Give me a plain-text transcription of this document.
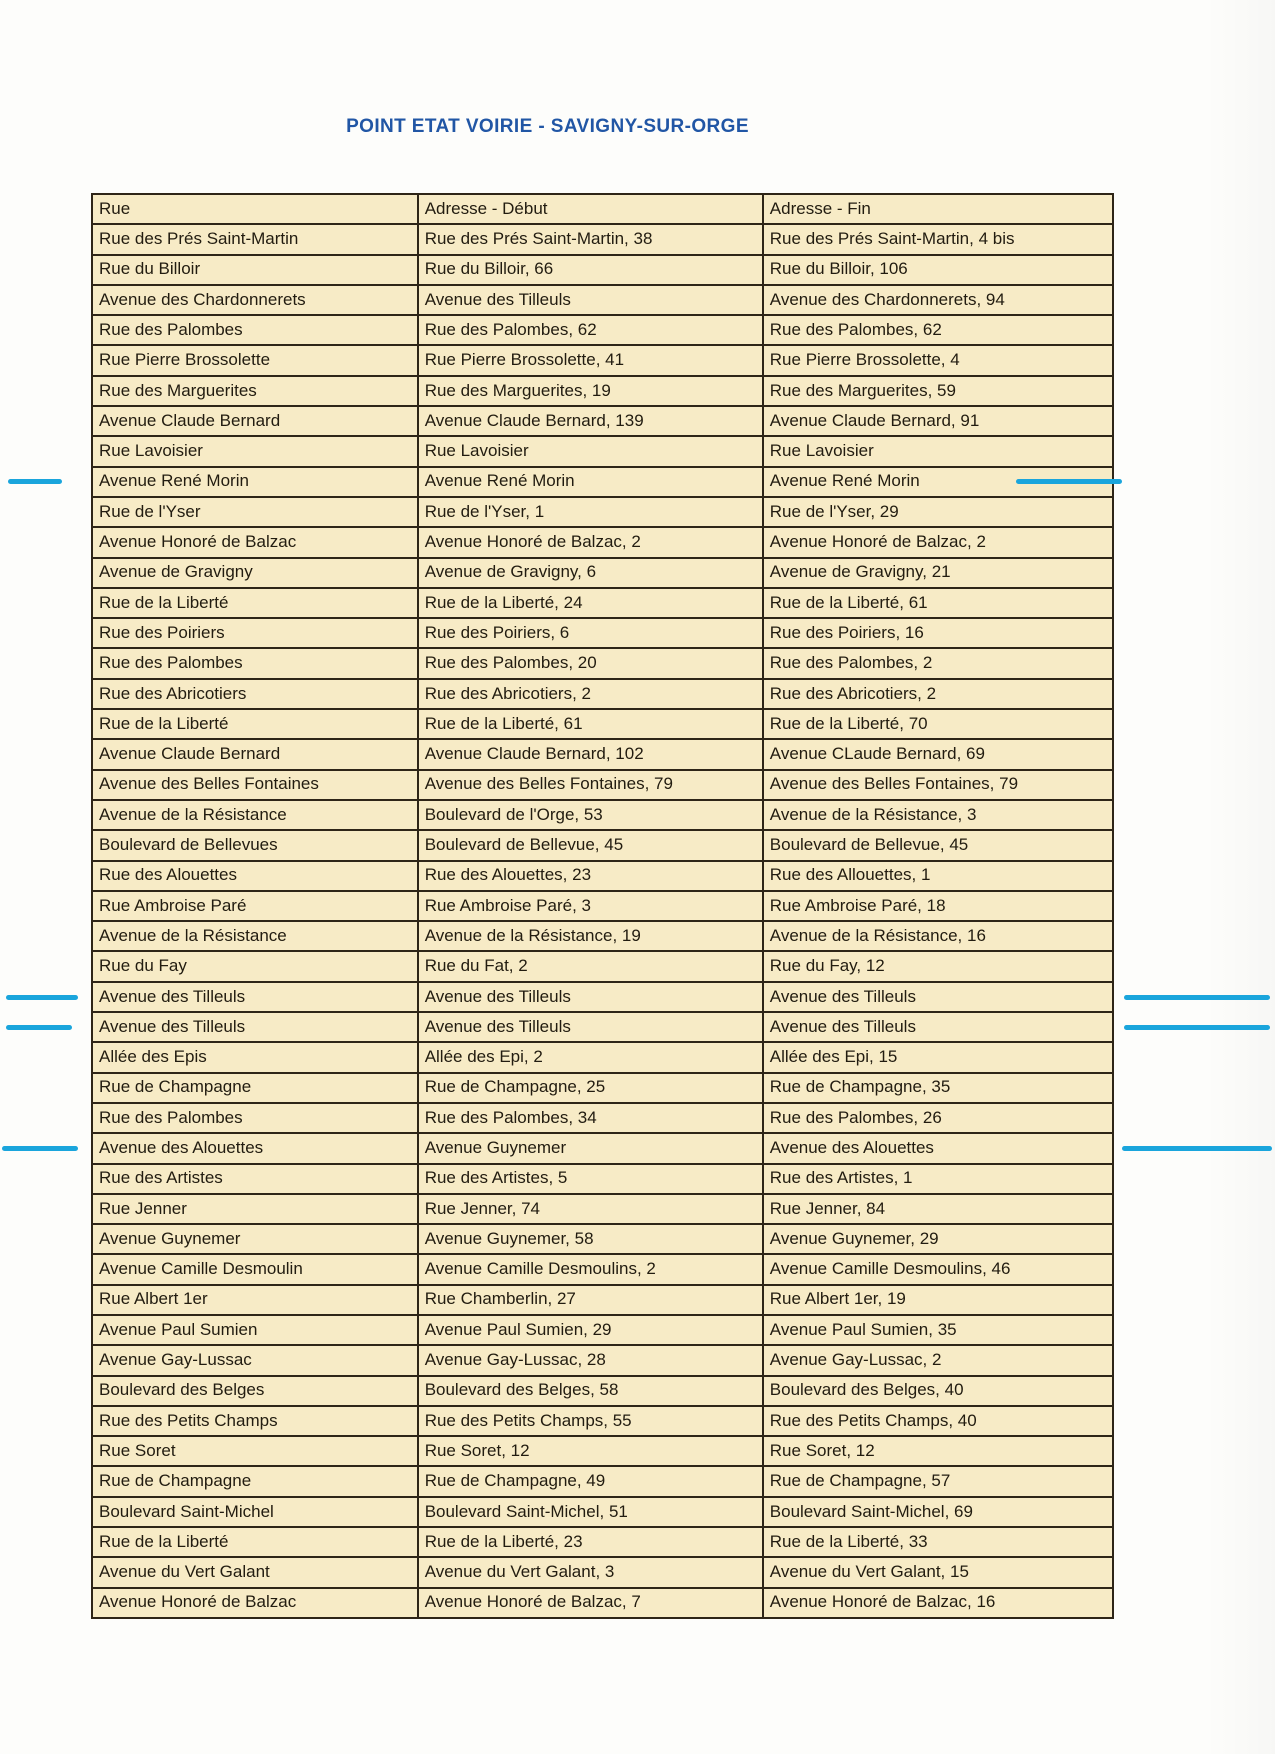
POINT ETAT VOIRIE - SAVIGNY-SUR-ORGE
Rue	Adresse - Début	Adresse - Fin
Rue des Prés Saint-Martin	Rue des Prés Saint-Martin, 38	Rue des Prés Saint-Martin, 4 bis
Rue du Billoir	Rue du Billoir, 66	Rue du Billoir, 106
Avenue des Chardonnerets	Avenue des Tilleuls	Avenue des Chardonnerets, 94
Rue des Palombes	Rue des Palombes, 62	Rue des Palombes, 62
Rue Pierre Brossolette	Rue Pierre Brossolette, 41	Rue Pierre Brossolette, 4
Rue des Marguerites	Rue des Marguerites, 19	Rue des Marguerites, 59
Avenue Claude Bernard	Avenue Claude Bernard, 139	Avenue Claude Bernard, 91
Rue Lavoisier	Rue Lavoisier	Rue Lavoisier
Avenue René Morin	Avenue René Morin	Avenue René Morin
Rue de l'Yser	Rue de l'Yser, 1	Rue de l'Yser, 29
Avenue Honoré de Balzac	Avenue Honoré de Balzac, 2	Avenue Honoré de Balzac, 2
Avenue de Gravigny	Avenue de Gravigny, 6	Avenue de Gravigny, 21
Rue de la Liberté	Rue de la Liberté, 24	Rue de la Liberté, 61
Rue des Poiriers	Rue des Poiriers, 6	Rue des Poiriers, 16
Rue des Palombes	Rue des Palombes, 20	Rue des Palombes, 2
Rue des Abricotiers	Rue des Abricotiers, 2	Rue des Abricotiers, 2
Rue de la Liberté	Rue de la Liberté, 61	Rue de la Liberté, 70
Avenue Claude Bernard	Avenue Claude Bernard, 102	Avenue CLaude Bernard, 69
Avenue des Belles Fontaines	Avenue des Belles Fontaines, 79	Avenue des Belles Fontaines, 79
Avenue de la Résistance	Boulevard de l'Orge, 53	Avenue de la Résistance, 3
Boulevard de Bellevues	Boulevard de Bellevue, 45	Boulevard de Bellevue, 45
Rue des Alouettes	Rue des Alouettes, 23	Rue des Allouettes, 1
Rue Ambroise Paré	Rue Ambroise Paré, 3	Rue Ambroise Paré, 18
Avenue de la Résistance	Avenue de la Résistance, 19	Avenue de la Résistance, 16
Rue du Fay	Rue du Fat, 2	Rue du Fay, 12
Avenue des Tilleuls	Avenue des Tilleuls	Avenue des Tilleuls
Avenue des Tilleuls	Avenue des Tilleuls	Avenue des Tilleuls
Allée des Epis	Allée des Epi, 2	Allée des Epi, 15
Rue de Champagne	Rue de Champagne, 25	Rue de Champagne, 35
Rue des Palombes	Rue des Palombes, 34	Rue des Palombes, 26
Avenue des Alouettes	Avenue Guynemer	Avenue des Alouettes
Rue des Artistes	Rue des Artistes, 5	Rue des Artistes, 1
Rue Jenner	Rue Jenner, 74	Rue Jenner, 84
Avenue Guynemer	Avenue Guynemer, 58	Avenue Guynemer, 29
Avenue Camille Desmoulin	Avenue Camille Desmoulins, 2	Avenue Camille Desmoulins, 46
Rue Albert 1er	Rue Chamberlin, 27	Rue Albert 1er, 19
Avenue Paul Sumien	Avenue Paul Sumien, 29	Avenue Paul Sumien, 35
Avenue Gay-Lussac	Avenue Gay-Lussac, 28	Avenue Gay-Lussac, 2
Boulevard des Belges	Boulevard des Belges, 58	Boulevard des Belges, 40
Rue des Petits Champs	Rue des Petits Champs, 55	Rue des Petits Champs, 40
Rue Soret	Rue Soret, 12	Rue Soret, 12
Rue de Champagne	Rue de Champagne, 49	Rue de Champagne, 57
Boulevard Saint-Michel	Boulevard Saint-Michel, 51	Boulevard Saint-Michel, 69
Rue de la Liberté	Rue de la Liberté, 23	Rue de la Liberté, 33
Avenue du Vert Galant	Avenue du Vert Galant, 3	Avenue du Vert Galant, 15
Avenue Honoré de Balzac	Avenue Honoré de Balzac, 7	Avenue Honoré de Balzac, 16
